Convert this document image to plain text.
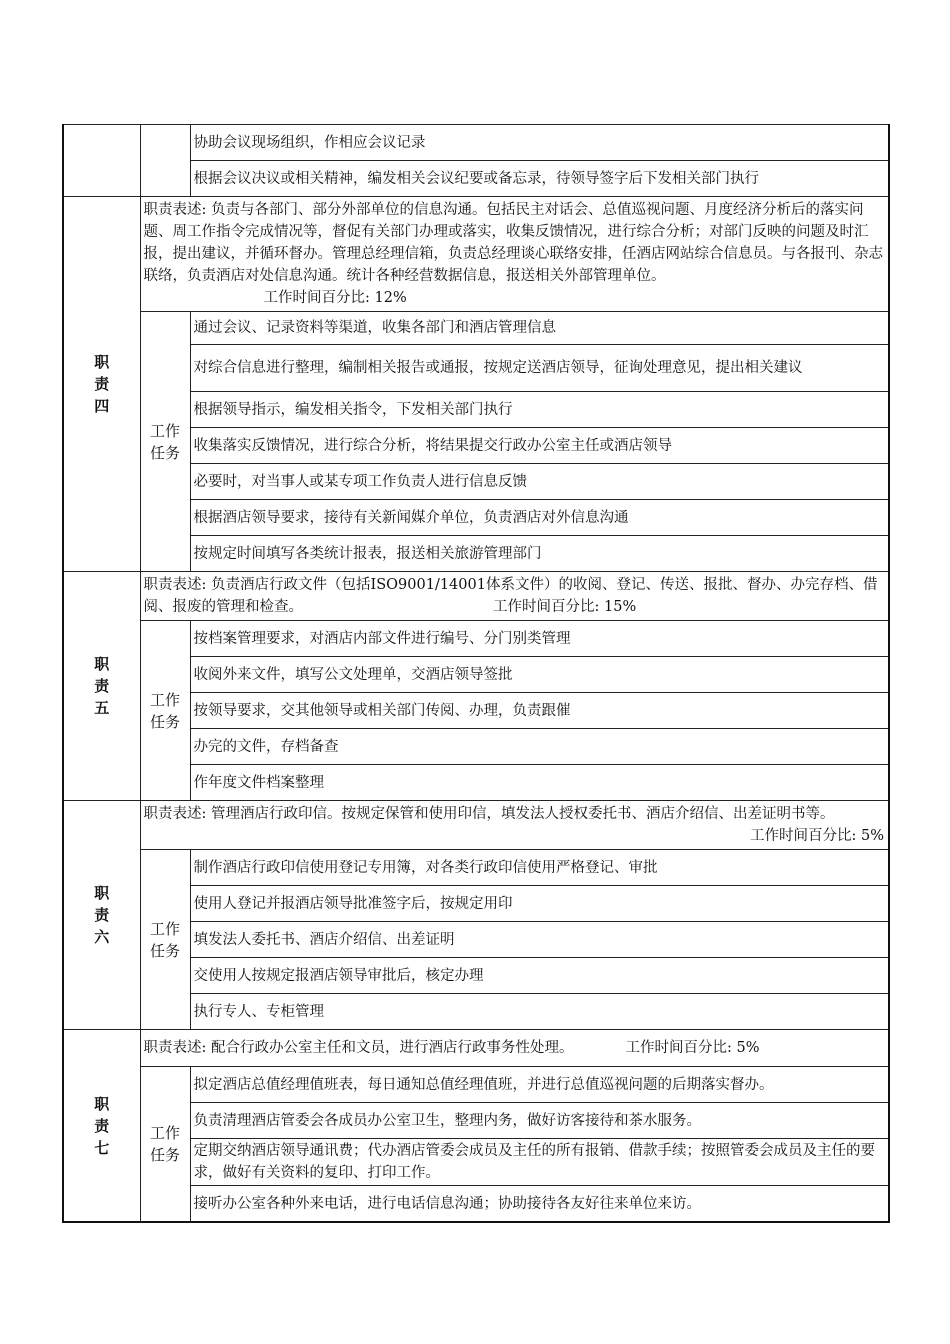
		协助会议现场组织，作相应会议记录
		根据会议决议或相关精神，编发相关会议纪要或备忘录，待领导签字后下发相关部门执行

职
责
四	职责表述: 负责与各部门、部分外部单位的信息沟通。包括民主对话会、总值巡视问题、月度经济分析后的落实问题、周工作指令完成情况等，督促有关部门办理或落实，收集反馈情况，进行综合分析；对部门反映的问题及时汇报，提出建议，并循环督办。管理总经理信箱，负责总经理谈心联络安排，任酒店网站综合信息员。与各报刊、杂志联络，负责酒店对处信息沟通。统计各种经营数据信息，报送相关外部管理单位。工作时间百分比: 12%	

	工作
任务	通过会议、记录资料等渠道，收集各部门和酒店管理信息
		对综合信息进行整理，编制相关报告或通报，按规定送酒店领导，征询处理意见，提出相关建议
		根据领导指示，编发相关指令，下发相关部门执行
		收集落实反馈情况，进行综合分析，将结果提交行政办公室主任或酒店领导
		必要时，对当事人或某专项工作负责人进行信息反馈
		根据酒店领导要求，接待有关新闻媒介单位，负责酒店对外信息沟通
		按规定时间填写各类统计报表，报送相关旅游管理部门

职
责
五	职责表述: 负责酒店行政文件（包括ISO9001/14001体系文件）的收阅、登记、传送、报批、督办、办完存档、借阅、报废的管理和检查。 工作时间百分比: 15%	

	工作
任务	按档案管理要求，对酒店内部文件进行编号、分门别类管理
		收阅外来文件，填写公文处理单，交酒店领导签批
		按领导要求，交其他领导或相关部门传阅、办理，负责跟催
		办完的文件，存档备查
		作年度文件档案整理

职
责
六	职责表述: 管理酒店行政印信。按规定保管和使用印信，填发法人授权委托书、酒店介绍信、出差证明书等。
工作时间百分比: 5%	

	工作
任务	制作酒店行政印信使用登记专用簿，对各类行政印信使用严格登记、审批
		使用人登记并报酒店领导批准签字后，按规定用印
		填发法人委托书、酒店介绍信、出差证明
		交使用人按规定报酒店领导审批后，核定办理
		执行专人、专柜管理

职
责
七	职责表述: 配合行政办公室主任和文员，进行酒店行政事务性处理。 工作时间百分比: 5%	

	工作
任务	拟定酒店总值经理值班表，每日通知总值经理值班，并进行总值巡视问题的后期落实督办。
		负责清理酒店管委会各成员办公室卫生，整理内务，做好访客接待和茶水服务。
		定期交纳酒店领导通讯费；代办酒店管委会成员及主任的所有报销、借款手续；按照管委会成员及主任的要求，做好有关资料的复印、打印工作。
		接听办公室各种外来电话，进行电话信息沟通；协助接待各友好往来单位来访。
